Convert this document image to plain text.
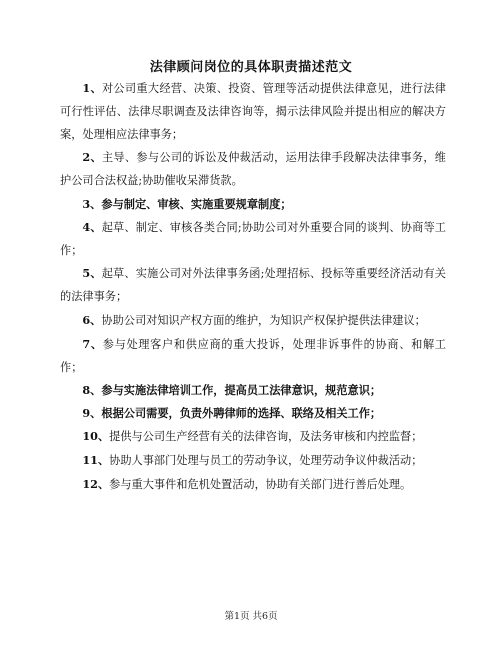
法律顾问岗位的具体职责描述范文

1、对公司重大经营、决策、投资、管理等活动提供法律意见，进行法律可行性评估、法律尽职调查及法律咨询等，揭示法律风险并提出相应的解决方案，处理相应法律事务；

2、主导、参与公司的诉讼及仲裁活动，运用法律手段解决法律事务，维护公司合法权益;协助催收呆滞货款。

3、参与制定、审核、实施重要规章制度；

4、起草、制定、审核各类合同;协助公司对外重要合同的谈判、协商等工作；

5、起草、实施公司对外法律事务函;处理招标、投标等重要经济活动有关的法律事务；

6、协助公司对知识产权方面的维护，为知识产权保护提供法律建议；

7、参与处理客户和供应商的重大投诉，处理非诉事件的协商、和解工作；

8、参与实施法律培训工作，提高员工法律意识，规范意识；

9、根据公司需要，负责外聘律师的选择、联络及相关工作；

10、提供与公司生产经营有关的法律咨询，及法务审核和内控监督；

11、协助人事部门处理与员工的劳动争议，处理劳动争议仲裁活动；

12、参与重大事件和危机处置活动，协助有关部门进行善后处理。

第1页 共6页
